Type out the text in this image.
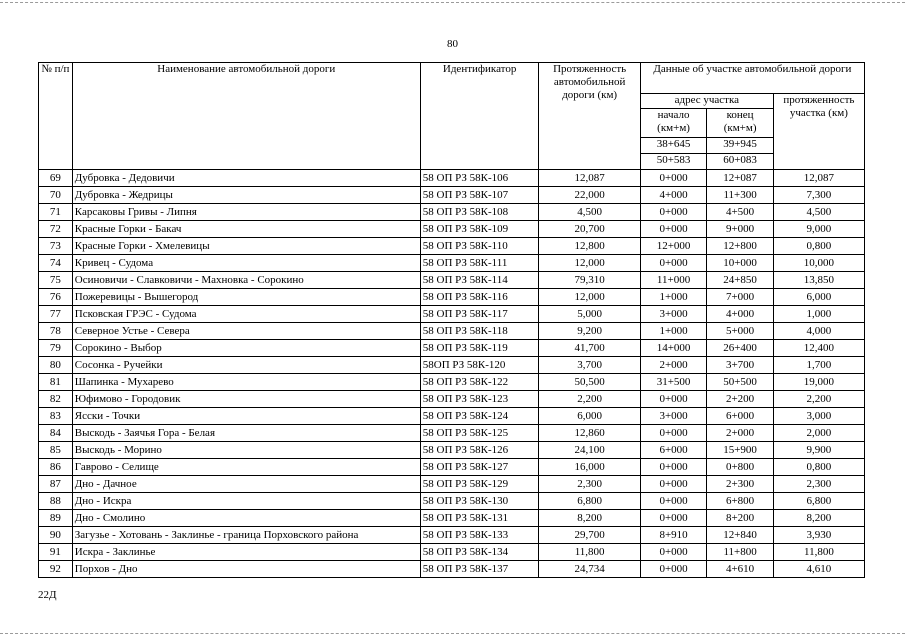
80
№ п/п	Наименование автомобильной дороги	Идентификатор	Протяженность автомобильной дороги (км)	Данные об участке автомобильной дороги		
				адрес участка		протяженность участка (км)
				начало (км+м)	конец (км+м)	
				38+645	39+945	
				50+583	60+083	
69	Дубровка - Дедовичи	58 ОП РЗ 58К-106	12,087	0+000	12+087	12,087
70	Дубровка - Жедрицы	58 ОП РЗ 58К-107	22,000	4+000	11+300	7,300
71	Карсаковы Гривы - Липня	58 ОП РЗ 58К-108	4,500	0+000	4+500	4,500
72	Красные Горки - Бакач	58 ОП РЗ 58К-109	20,700	0+000	9+000	9,000
73	Красные Горки - Хмелевицы	58 ОП РЗ 58К-110	12,800	12+000	12+800	0,800
74	Кривец - Судома	58 ОП РЗ 58К-111	12,000	0+000	10+000	10,000
75	Осиновичи - Славковичи - Махновка - Сорокино	58 ОП РЗ 58К-114	79,310	11+000	24+850	13,850
76	Пожеревицы - Вышегород	58 ОП РЗ 58К-116	12,000	1+000	7+000	6,000
77	Псковская ГРЭС - Судома	58 ОП РЗ 58К-117	5,000	3+000	4+000	1,000
78	Северное Устье - Севера	58 ОП РЗ 58К-118	9,200	1+000	5+000	4,000
79	Сорокино - Выбор	58 ОП РЗ 58К-119	41,700	14+000	26+400	12,400
80	Сосонка - Ручейки	58ОП РЗ 58К-120	3,700	2+000	3+700	1,700
81	Шапинка - Мухарево	58 ОП РЗ 58К-122	50,500	31+500	50+500	19,000
82	Юфимово - Городовик	58 ОП РЗ 58К-123	2,200	0+000	2+200	2,200
83	Ясски - Точки	58 ОП РЗ 58К-124	6,000	3+000	6+000	3,000
84	Выскодь - Заячья Гора - Белая	58 ОП РЗ 58К-125	12,860	0+000	2+000	2,000
85	Выскодь - Морино	58 ОП РЗ 58К-126	24,100	6+000	15+900	9,900
86	Гаврово - Селище	58 ОП РЗ 58К-127	16,000	0+000	0+800	0,800
87	Дно - Дачное	58 ОП РЗ 58К-129	2,300	0+000	2+300	2,300
88	Дно - Искра	58 ОП РЗ 58К-130	6,800	0+000	6+800	6,800
89	Дно - Смолино	58 ОП РЗ 58К-131	8,200	0+000	8+200	8,200
90	Загузье - Хотовань - Заклинье - граница Порховского района	58 ОП РЗ 58К-133	29,700	8+910	12+840	3,930
91	Искра - Заклинье	58 ОП РЗ 58К-134	11,800	0+000	11+800	11,800
92	Порхов - Дно	58 ОП РЗ 58К-137	24,734	0+000	4+610	4,610
22Д
